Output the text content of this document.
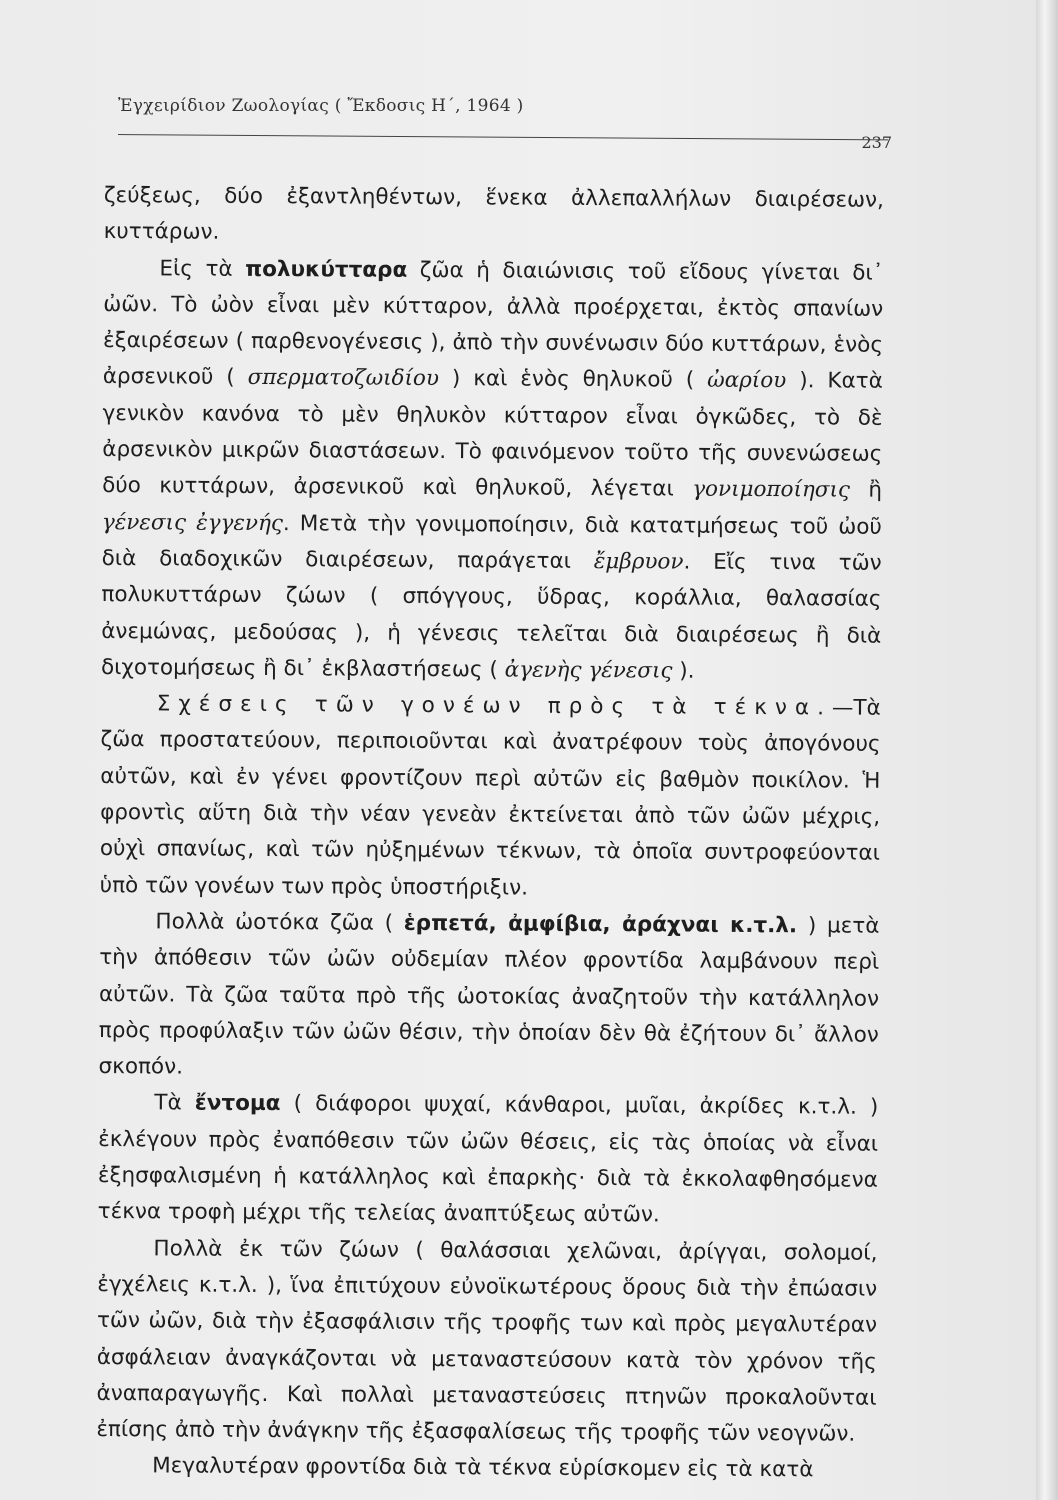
Ἐγχειρίδιον Ζωολογίας ( Ἔκδοσις Η΄, 1964 )
237

ζεύξεως, δύο ἐξαντληθέντων, ἕνεκα ἀλλεπαλλήλων διαιρέσεων, κυττάρων.

Εἰς τὰ πολυκύτταρα ζῶα ἡ διαιώνισις τοῦ εἴδους γίνεται δι᾽ ὠῶν. Τὸ ὠὸν εἶναι μὲν κύτταρον, ἀλλὰ προέρχεται, ἐκτὸς σπανίων ἐξαιρέσεων ( παρθενογένεσις ), ἀπὸ τὴν συνένωσιν δύο κυττάρων, ἑνὸς ἀρσενικοῦ ( σπερματοζωιδίου ) καὶ ἑνὸς θηλυκοῦ ( ὠαρίου ). Κατὰ γενικὸν κανόνα τὸ μὲν θηλυκὸν κύτταρον εἶναι ὀγκῶδες, τὸ δὲ ἀρσενικὸν μικρῶν διαστάσεων. Τὸ φαινόμενον τοῦτο τῆς συνενώσεως δύο κυττάρων, ἀρσενικοῦ καὶ θηλυκοῦ, λέγεται γονιμοποίησις ἢ γένεσις ἐγγενής. Μετὰ τὴν γονιμοποίησιν, διὰ κατατμήσεως τοῦ ὠοῦ διὰ διαδοχικῶν διαιρέσεων, παράγεται ἔμβρυον. Εἴς τινα τῶν πολυκυττάρων ζώων ( σπόγγους, ὕδρας, κοράλλια, θαλασσίας ἀνεμώνας, μεδούσας ), ἡ γένεσις τελεῖται διὰ διαιρέσεως ἢ διὰ διχοτομήσεως ἢ δι᾽ ἐκβλαστήσεως ( ἀγενὴς γένεσις ).

Σχέσεις τῶν γονέων πρὸς τὰ τέκνα.—Τὰ ζῶα προστατεύουν, περιποιοῦνται καὶ ἀνατρέφουν τοὺς ἀπογόνους αὐτῶν, καὶ ἐν γένει φροντίζουν περὶ αὐτῶν εἰς βαθμὸν ποικίλον. Ἡ φροντὶς αὕτη διὰ τὴν νέαν γενεὰν ἐκτείνεται ἀπὸ τῶν ὠῶν μέχρις, οὐχὶ σπανίως, καὶ τῶν ηὐξημένων τέκνων, τὰ ὁποῖα συντροφεύονται ὑπὸ τῶν γονέων των πρὸς ὑποστήριξιν.

Πολλὰ ὠοτόκα ζῶα ( ἑρπετά, ἀμφίβια, ἀράχναι κ.τ.λ. ) μετὰ τὴν ἀπόθεσιν τῶν ὠῶν οὐδεμίαν πλέον φροντίδα λαμβάνουν περὶ αὐτῶν. Τὰ ζῶα ταῦτα πρὸ τῆς ὠοτοκίας ἀναζητοῦν τὴν κατάλληλον πρὸς προφύλαξιν τῶν ὠῶν θέσιν, τὴν ὁποίαν δὲν θὰ ἐζήτουν δι᾽ ἄλλον σκοπόν.

Τὰ ἔντομα ( διάφοροι ψυχαί, κάνθαροι, μυῖαι, ἀκρίδες κ.τ.λ. ) ἐκλέγουν πρὸς ἐναπόθεσιν τῶν ὠῶν θέσεις, εἰς τὰς ὁποίας νὰ εἶναι ἐξησφαλισμένη ἡ κατάλληλος καὶ ἐπαρκὴς· διὰ τὰ ἐκκολαφθησόμενα τέκνα τροφὴ μέχρι τῆς τελείας ἀναπτύξεως αὐτῶν.

Πολλὰ ἐκ τῶν ζώων ( θαλάσσιαι χελῶναι, ἀρίγγαι, σολομοί, ἐγχέλεις κ.τ.λ. ), ἵνα ἐπιτύχουν εὐνοϊκωτέρους ὅρους διὰ τὴν ἐπώασιν τῶν ὠῶν, διὰ τὴν ἐξασφάλισιν τῆς τροφῆς των καὶ πρὸς μεγαλυτέραν ἀσφάλειαν ἀναγκάζονται νὰ μεταναστεύσουν κατὰ τὸν χρόνον τῆς ἀναπαραγωγῆς. Καὶ πολλαὶ μεταναστεύσεις πτηνῶν προκαλοῦνται ἐπίσης ἀπὸ τὴν ἀνάγκην τῆς ἐξασφαλίσεως τῆς τροφῆς τῶν νεογνῶν.

Μεγαλυτέραν φροντίδα διὰ τὰ τέκνα εὑρίσκομεν εἰς τὰ κατὰ
